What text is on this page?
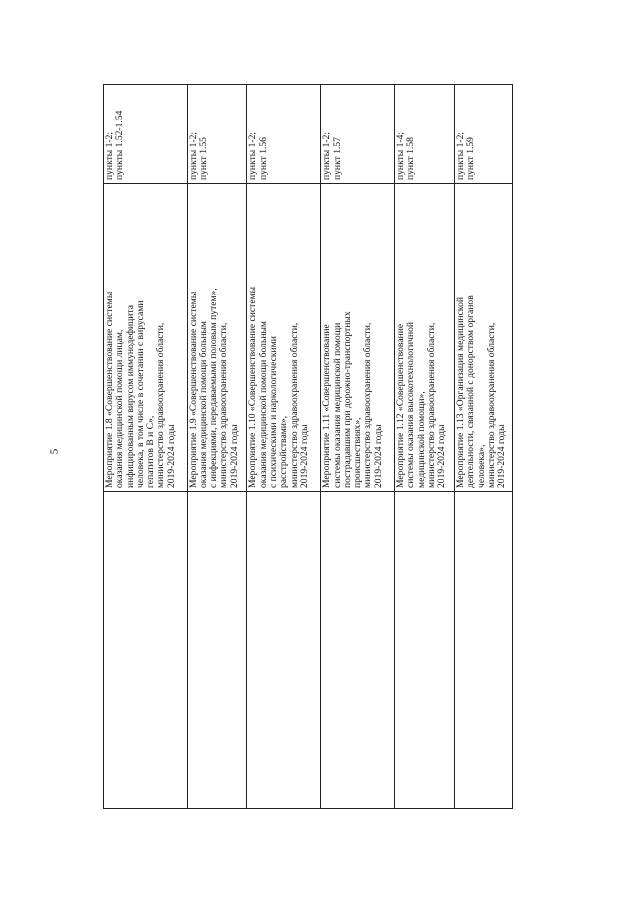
5	Мероприятие 1.8 «Совершенствование системы оказания медицинской помощи лицам, инфицированным вирусом иммунодефицита человека, в том числе в сочетании с вирусами гепатитов В и С», министерство здравоохранения области, 2019-2024 годы
пункты 1-2; пункты 1.52-1.54
Мероприятие 1.9 «Совершенствование системы оказания медицинской помощи больным с инфекциями, передаваемыми половым путем», министерство здравоохранения области, 2019-2024 годы
пункты 1-2; пункт 1.55
Мероприятие 1.10 «Совершенствование системы оказания медицинской помощи больным с психическими и наркологическими расстройствами», министерство здравоохранения области, 2019-2024 годы
пункты 1-2; пункт 1.56
Мероприятие 1.11 «Совершенствование системы оказания медицинской помощи пострадавшим при дорожно-транспортных происшествиях», министерство здравоохранения области, 2019-2024 годы
пункты 1-2; пункт 1.57
Мероприятие 1.12 «Совершенствование системы оказания высокотехнологичной медицинской помощи», министерство здравоохранения области, 2019-2024 годы
пункты 1-4; пункт 1.58
Мероприятие 1.13 «Организация медицинской деятельности, связанной с донорством органов человека», министерство здравоохранения области, 2019-2024 годы
пункты 1-2; пункт 1.59
